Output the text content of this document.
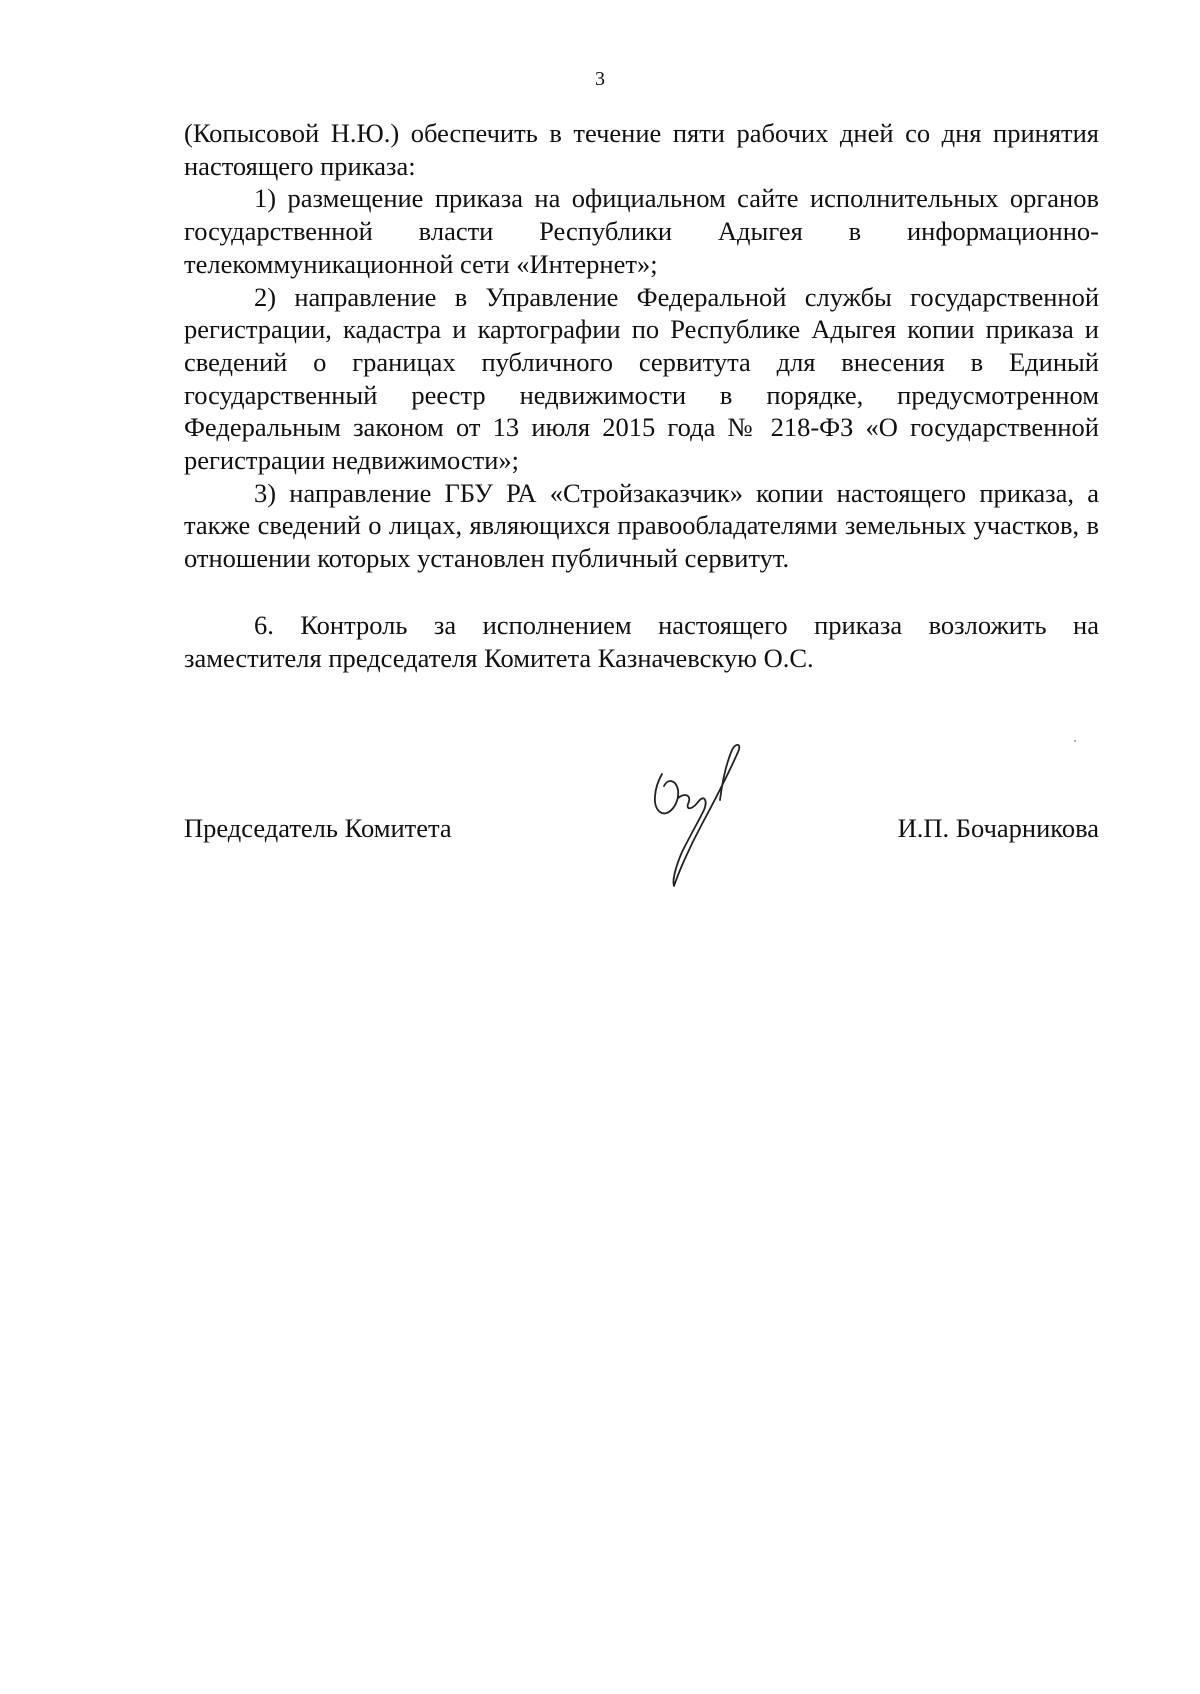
3

(Копысовой Н.Ю.) обеспечить в течение пяти рабочих дней со дня принятия настоящего приказа:

1) размещение приказа на официальном сайте исполнительных органов государственной власти Республики Адыгея в информационно-телекоммуникационной сети «Интернет»;

2) направление в Управление Федеральной службы государственной регистрации, кадастра и картографии по Республике Адыгея копии приказа и сведений о границах публичного сервитута для внесения в Единый государственный реестр недвижимости в порядке, предусмотренном Федеральным законом от 13 июля 2015 года № 218-ФЗ «О государственной регистрации недвижимости»;

3) направление ГБУ РА «Стройзаказчик» копии настоящего приказа, а также сведений о лицах, являющихся правообладателями земельных участков, в отношении которых установлен публичный сервитут.

6. Контроль за исполнением настоящего приказа возложить на заместителя председателя Комитета Казначевскую О.С.

Председатель Комитета	И.П. Бочарникова
